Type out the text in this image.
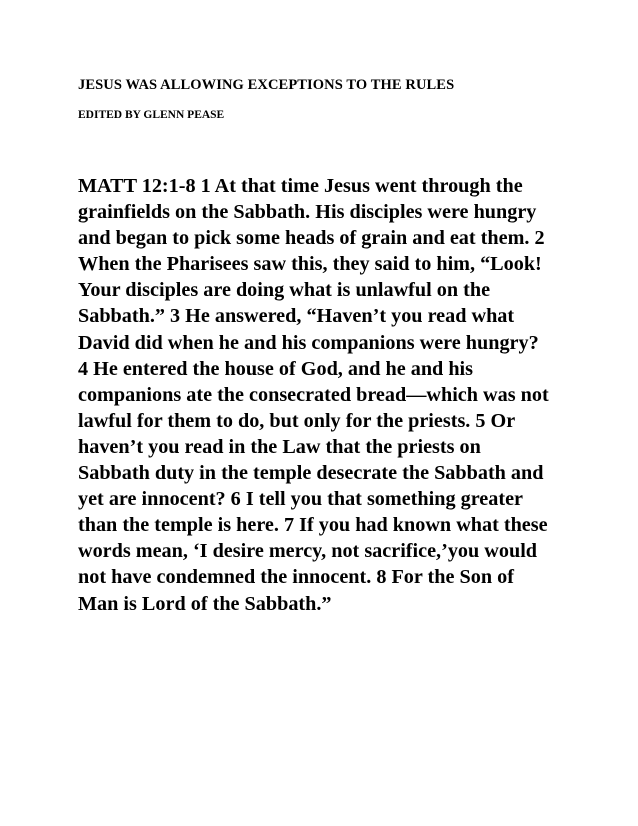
JESUS WAS ALLOWING EXCEPTIONS TO THE RULES
EDITED BY GLENN PEASE

MATT 12:1-8 1 At that time Jesus went through the
grainfields on the Sabbath. His disciples were hungry
and began to pick some heads of grain and eat them. 2
When the Pharisees saw this, they said to him, “Look!
Your disciples are doing what is unlawful on the
Sabbath.” 3 He answered, “Haven’t you read what
David did when he and his companions were hungry?
4 He entered the house of God, and he and his
companions ate the consecrated bread—which was not
lawful for them to do, but only for the priests. 5 Or
haven’t you read in the Law that the priests on
Sabbath duty in the temple desecrate the Sabbath and
yet are innocent? 6 I tell you that something greater
than the temple is here. 7 If you had known what these
words mean, ‘I desire mercy, not sacrifice,’you would
not have condemned the innocent. 8 For the Son of
Man is Lord of the Sabbath.”
